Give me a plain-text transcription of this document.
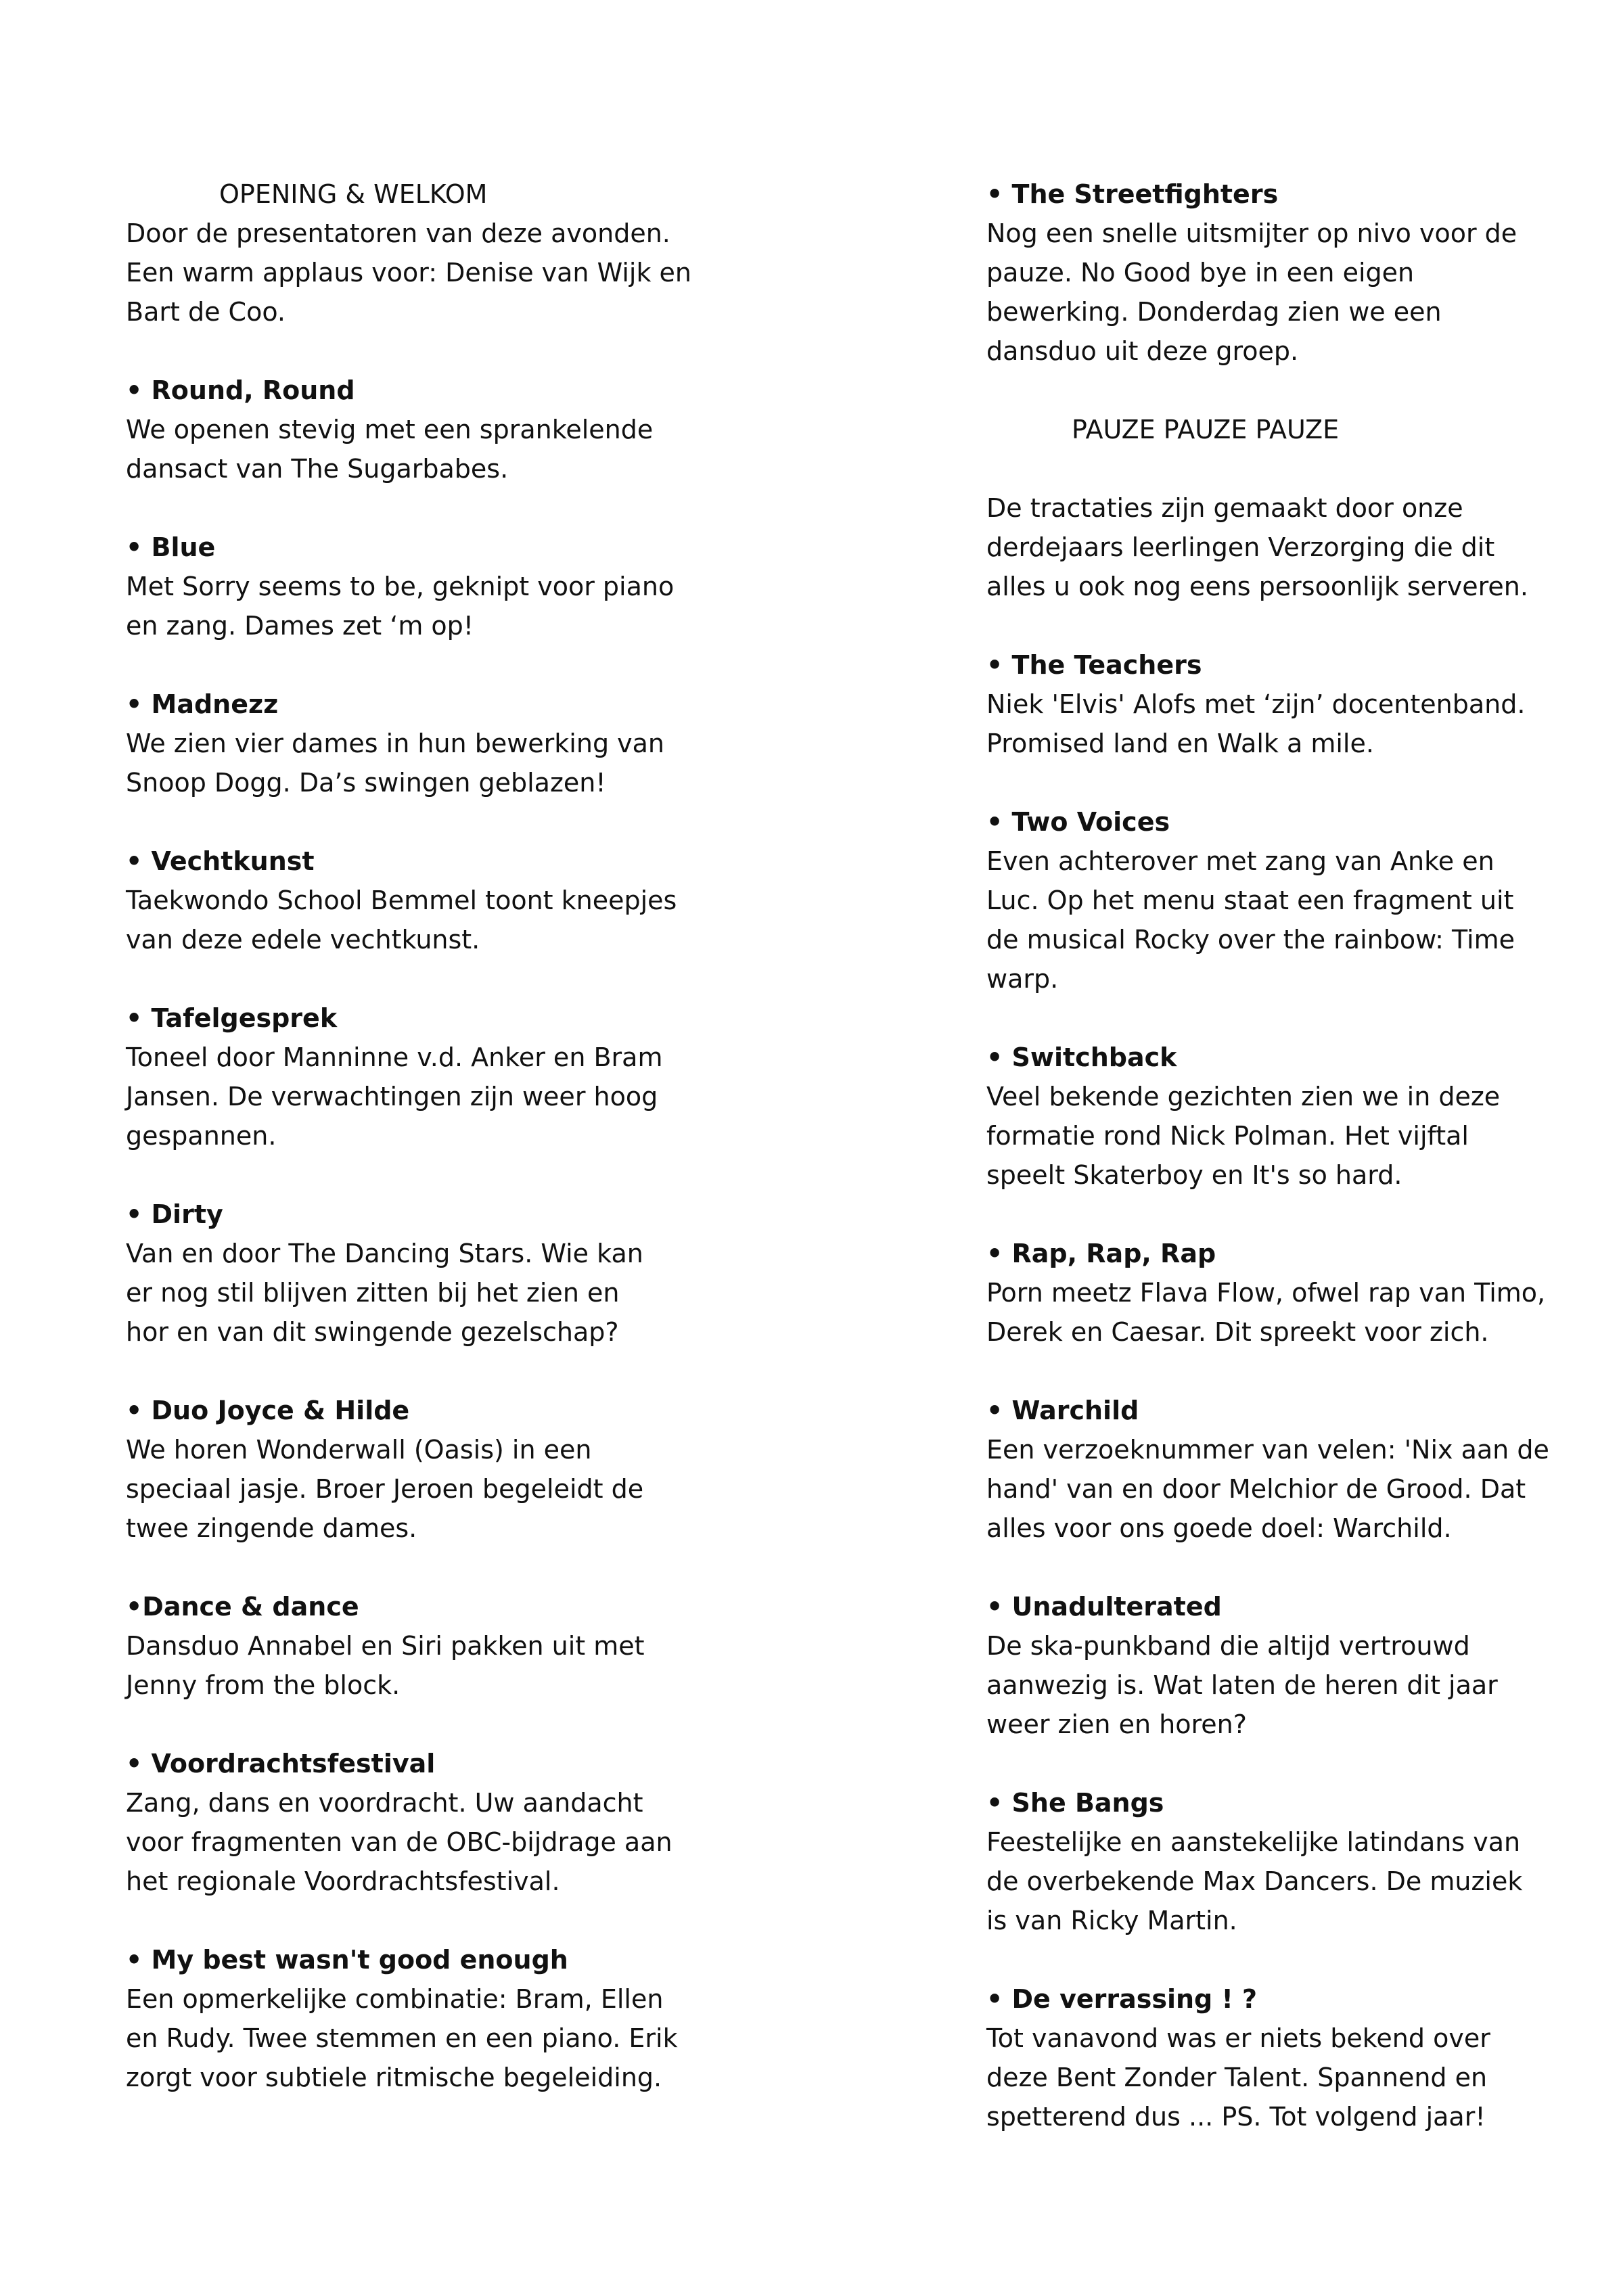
OPENING & WELKOM
Door de presentatoren van deze avonden.
Een warm applaus voor: Denise van Wijk en
Bart de Coo.
• Round, Round
We openen stevig met een sprankelende
dansact van The Sugarbabes.
• Blue
Met Sorry seems to be, geknipt voor piano
en zang. Dames zet ‘m op!
• Madnezz
We zien vier dames in hun bewerking van
Snoop Dogg. Da’s swingen geblazen!
• Vechtkunst
Taekwondo School Bemmel toont kneepjes
van deze edele vechtkunst.
• Tafelgesprek
Toneel door Manninne v.d. Anker en Bram
Jansen. De verwachtingen zijn weer hoog
gespannen.
• Dirty
Van en door The Dancing Stars. Wie kan
er nog stil blijven zitten bij het zien en
hor en van dit swingende gezelschap?
• Duo Joyce & Hilde
We horen Wonderwall (Oasis) in een
speciaal jasje. Broer Jeroen begeleidt de
twee zingende dames.
•Dance & dance
Dansduo Annabel en Siri pakken uit met
Jenny from the block.
• Voordrachtsfestival
Zang, dans en voordracht. Uw aandacht
voor fragmenten van de OBC-bijdrage aan
het regionale Voordrachtsfestival.
• My best wasn't good enough
Een opmerkelijke combinatie: Bram, Ellen
en Rudy. Twee stemmen en een piano. Erik
zorgt voor subtiele ritmische begeleiding.
• The Streetfighters
Nog een snelle uitsmijter op nivo voor de
pauze. No Good bye in een eigen
bewerking. Donderdag zien we een
dansduo uit deze groep.
PAUZE PAUZE PAUZE
De tractaties zijn gemaakt door onze
derdejaars leerlingen Verzorging die dit
alles u ook nog eens persoonlijk serveren.
• The Teachers
Niek 'Elvis' Alofs met ‘zijn’ docentenband.
Promised land en Walk a mile.
• Two Voices
Even achterover met zang van Anke en
Luc. Op het menu staat een fragment uit
de musical Rocky over the rainbow: Time
warp.
• Switchback
Veel bekende gezichten zien we in deze
formatie rond Nick Polman. Het vijftal
speelt Skaterboy en It's so hard.
• Rap, Rap, Rap
Porn meetz Flava Flow, ofwel rap van Timo,
Derek en Caesar. Dit spreekt voor zich.
• Warchild
Een verzoeknummer van velen: 'Nix aan de
hand' van en door Melchior de Grood. Dat
alles voor ons goede doel: Warchild.
• Unadulterated
De ska-punkband die altijd vertrouwd
aanwezig is. Wat laten de heren dit jaar
weer zien en horen?
• She Bangs
Feestelijke en aanstekelijke latindans van
de overbekende Max Dancers. De muziek
is van Ricky Martin.
• De verrassing ! ?
Tot vanavond was er niets bekend over
deze Bent Zonder Talent. Spannend en
spetterend dus ... PS. Tot volgend jaar!
